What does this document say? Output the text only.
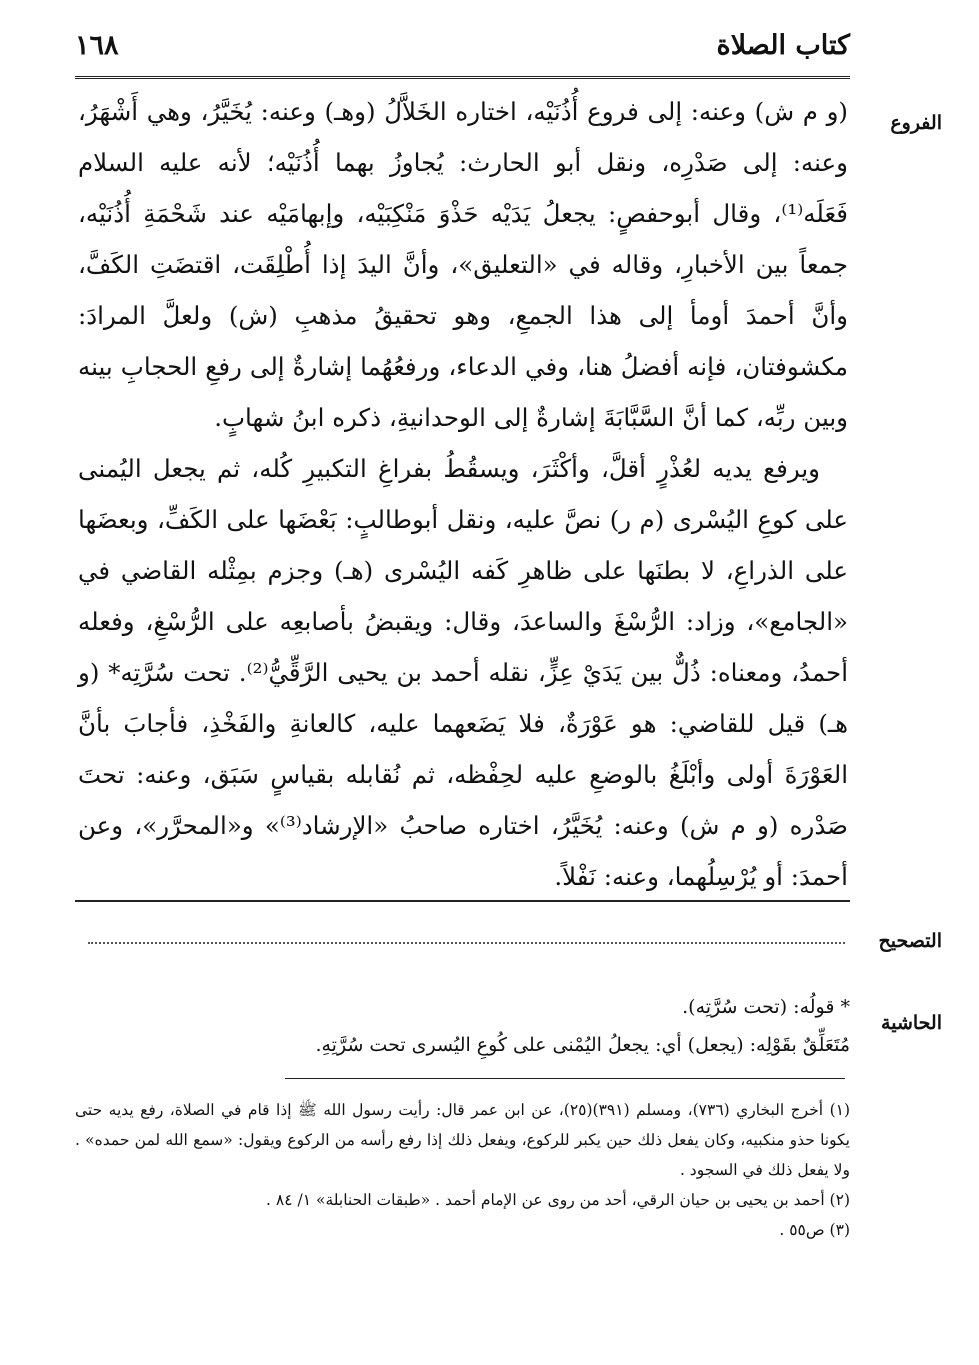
١٦٨	كتاب الصلاة
الفروع

(و م ش) وعنه: إلى فروع أُذُنَيْه، اختاره الخَلاَّلُ (وهـ) وعنه: يُخَيَّرُ، وهي أَشْهَرُ، وعنه: إلى صَدْرِه، ونقل أبو الحارث: يُجاوزُ بهما أُذُنَيْه؛ لأنه عليه السلام فَعَلَه⁽¹⁾، وقال أبوحفصٍ: يجعلُ يَدَيْه حَذْوَ مَنْكِبَيْه، وإبهامَيْه عند شَحْمَةِ أُذُنَيْه، جمعاً بين الأخبارِ، وقاله في «التعليق»، وأنَّ اليدَ إذا أُطْلِقَت، اقتضَتِ الكَفَّ، وأنَّ أحمدَ أومأ إلى هذا الجمعِ، وهو تحقيقُ مذهبِ (ش) ولعلَّ المرادَ: مكشوفتان، فإنه أفضلُ هنا، وفي الدعاء، ورفعُهُما إشارةٌ إلى رفعِ الحجابِ بينه وبين ربِّه، كما أنَّ السَّبَّابَةَ إشارةٌ إلى الوحدانيةِ، ذكره ابنُ شهابٍ.

ويرفع يديه لعُذْرٍ أقلَّ، وأكْثَرَ، ويسقُطُ بفراغِ التكبيرِ كُله، ثم يجعل اليُمنى على كوعِ اليُسْرى (م ر) نصَّ عليه، ونقل أبوطالبٍ: بَعْضَها على الكَفِّ، وبعضَها على الذراعِ، لا بطنَها على ظاهرِ كَفه اليُسْرى (هـ) وجزم بمِثْله القاضي في «الجامع»، وزاد: الرُّسْغَ والساعدَ، وقال: ويقبضُ بأصابعِه على الرُّسْغِ، وفعله أحمدُ، ومعناه: ذُلٌّ بين يَدَيْ عِزٍّ، نقله أحمد بن يحيى الرَّقِّيُّ⁽²⁾. تحت سُرَّتِه* (و هـ) قيل للقاضي: هو عَوْرَةٌ، فلا يَضَعهما عليه، كالعانةِ والفَخْذِ، فأجابَ بأنَّ العَوْرَةَ أولى وأبْلَغُ بالوضعِ عليه لحِفْظه، ثم نُقابله بقياسٍ سَبَق، وعنه: تحتَ صَدْره (و م ش) وعنه: يُخَيَّرُ، اختاره صاحبُ «الإرشاد⁽³⁾» و«المحرَّر»، وعن أحمدَ: أو يُرْسِلُهما، وعنه: نَفْلاً.

التصحيح
الحاشية

* قولُه: (تحت سُرَّتِه).

مُتَعَلِّقٌ بقَوْلِه: (يجعل) أي: يجعلُ اليُمْنى على كُوعِ اليُسرى تحت سُرَّتِهِ.

(١) أخرج البخاري (٧٣٦)، ومسلم (٣٩١)(٢٥)، عن ابن عمر قال: رأيت رسول الله ﷺ إذا قام في الصلاة، رفع يديه حتى يكونا حذو منكبيه، وكان يفعل ذلك حين يكبر للركوع، ويفعل ذلك إذا رفع رأسه من الركوع ويقول: «سمع الله لمن حمده» . ولا يفعل ذلك في السجود .

(٢) أحمد بن يحيى بن حيان الرقي، أحد من روى عن الإمام أحمد . «طبقات الحنابلة» ١/ ٨٤ .

(٣) ص٥٥ .
